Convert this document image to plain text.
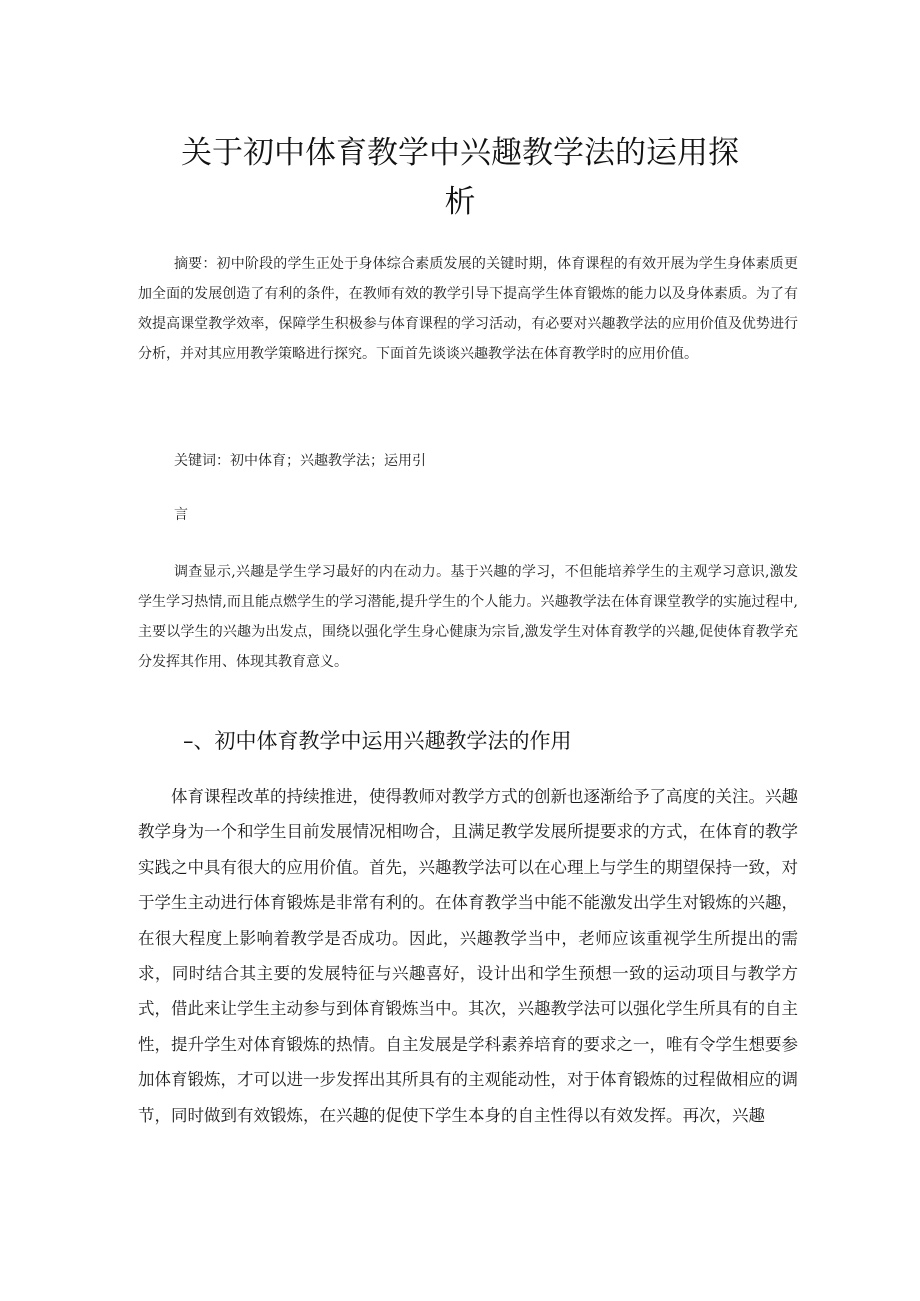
关于初中体育教学中兴趣教学法的运用探
析

摘要：初中阶段的学生正处于身体综合素质发展的关键时期，体育课程的有效开展为学生身体素质更加全面的发展创造了有利的条件，在教师有效的教学引导下提高学生体育锻炼的能力以及身体素质。为了有效提高课堂教学效率，保障学生积极参与体育课程的学习活动，有必要对兴趣教学法的应用价值及优势进行分析，并对其应用教学策略进行探究。下面首先谈谈兴趣教学法在体育教学时的应用价值。

关键词：初中体育；兴趣教学法；运用引

言

调查显示,兴趣是学生学习最好的内在动力。基于兴趣的学习，不但能培养学生的主观学习意识,激发学生学习热情,而且能点燃学生的学习潜能,提升学生的个人能力。兴趣教学法在体育课堂教学的实施过程中,主要以学生的兴趣为出发点，围绕以强化学生身心健康为宗旨,激发学生对体育教学的兴趣,促使体育教学充分发挥其作用、体现其教育意义。

–、初中体育教学中运用兴趣教学法的作用

体育课程改革的持续推进，使得教师对教学方式的创新也逐渐给予了高度的关注。兴趣教学身为一个和学生目前发展情况相吻合，且满足教学发展所提要求的方式，在体育的教学实践之中具有很大的应用价值。首先，兴趣教学法可以在心理上与学生的期望保持一致，对于学生主动进行体育锻炼是非常有利的。在体育教学当中能不能激发出学生对锻炼的兴趣，在很大程度上影响着教学是否成功。因此，兴趣教学当中，老师应该重视学生所提出的需求，同时结合其主要的发展特征与兴趣喜好，设计出和学生预想一致的运动项目与教学方式，借此来让学生主动参与到体育锻炼当中。其次，兴趣教学法可以强化学生所具有的自主性，提升学生对体育锻炼的热情。自主发展是学科素养培育的要求之一，唯有令学生想要参加体育锻炼，才可以进一步发挥出其所具有的主观能动性，对于体育锻炼的过程做相应的调节，同时做到有效锻炼，在兴趣的促使下学生本身的自主性得以有效发挥。再次，兴趣
